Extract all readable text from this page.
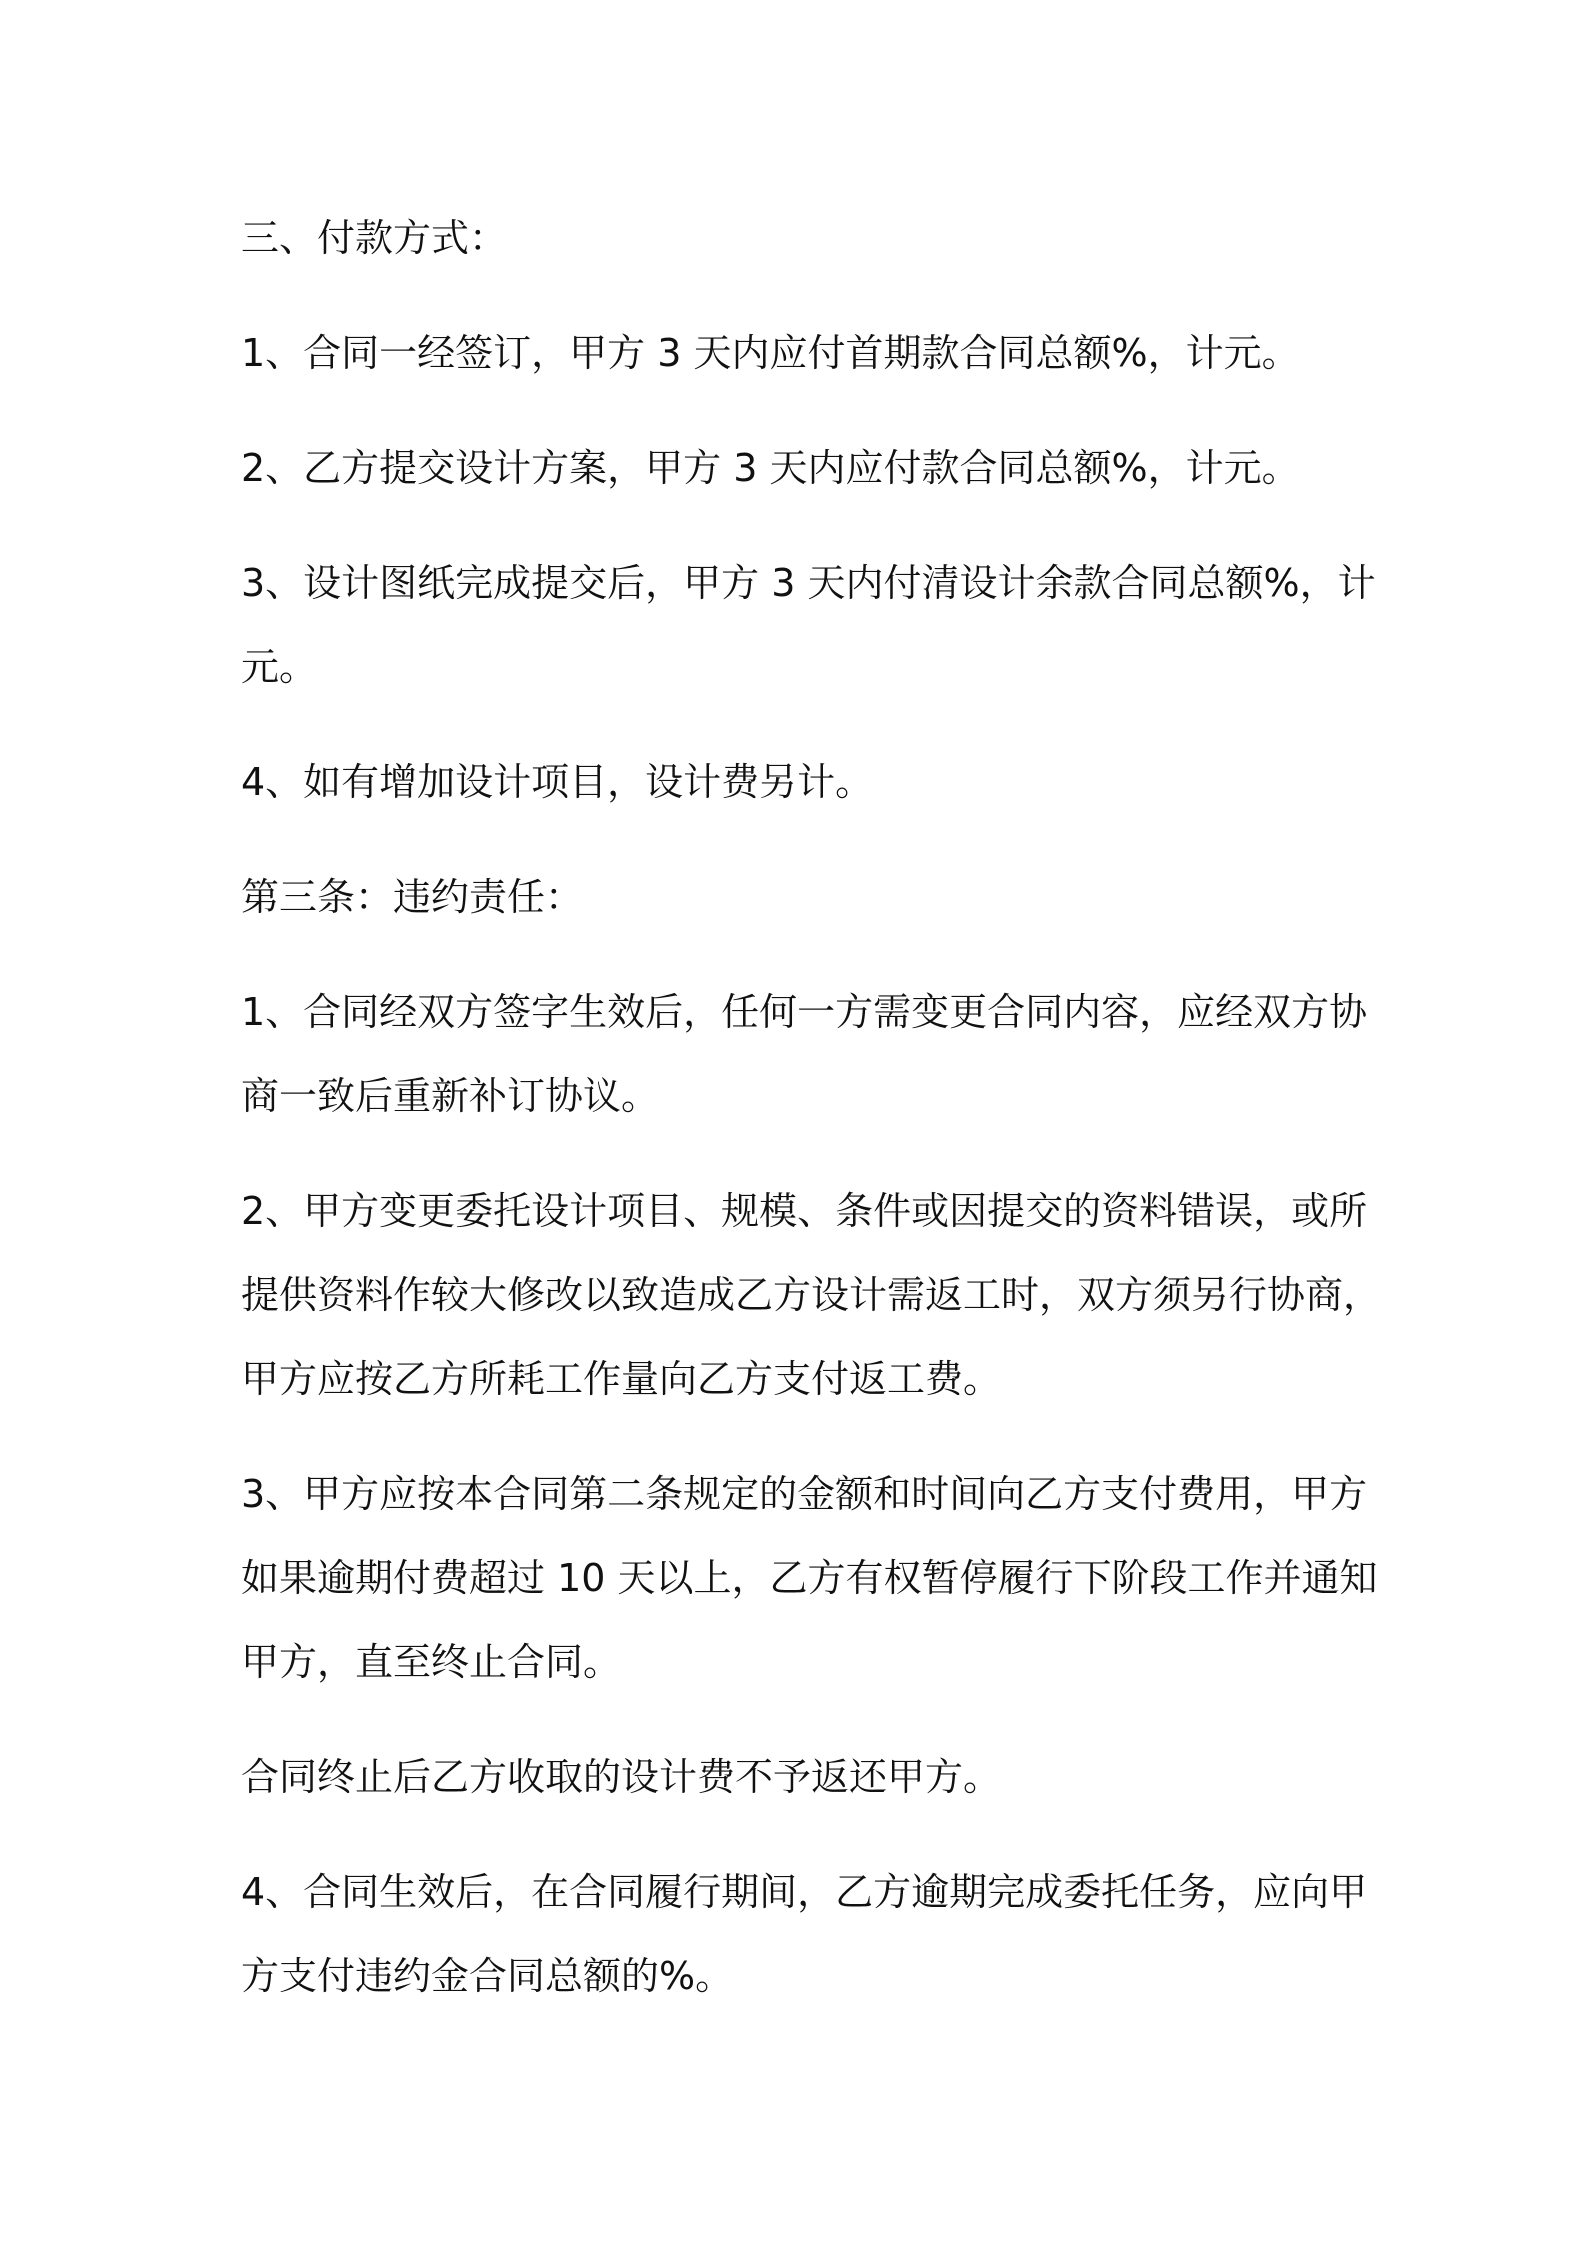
三、付款方式：

1、合同一经签订，甲方 3 天内应付首期款合同总额%，计元。

2、乙方提交设计方案，甲方 3 天内应付款合同总额%，计元。

3、设计图纸完成提交后，甲方 3 天内付清设计余款合同总额%，计
元。

4、如有增加设计项目，设计费另计。

第三条：违约责任：

1、合同经双方签字生效后，任何一方需变更合同内容，应经双方协
商一致后重新补订协议。

2、甲方变更委托设计项目、规模、条件或因提交的资料错误，或所
提供资料作较大修改以致造成乙方设计需返工时，双方须另行协商，
甲方应按乙方所耗工作量向乙方支付返工费。

3、甲方应按本合同第二条规定的金额和时间向乙方支付费用，甲方
如果逾期付费超过 10 天以上，乙方有权暂停履行下阶段工作并通知
甲方，直至终止合同。

合同终止后乙方收取的设计费不予返还甲方。

4、合同生效后，在合同履行期间，乙方逾期完成委托任务，应向甲
方支付违约金合同总额的%。
